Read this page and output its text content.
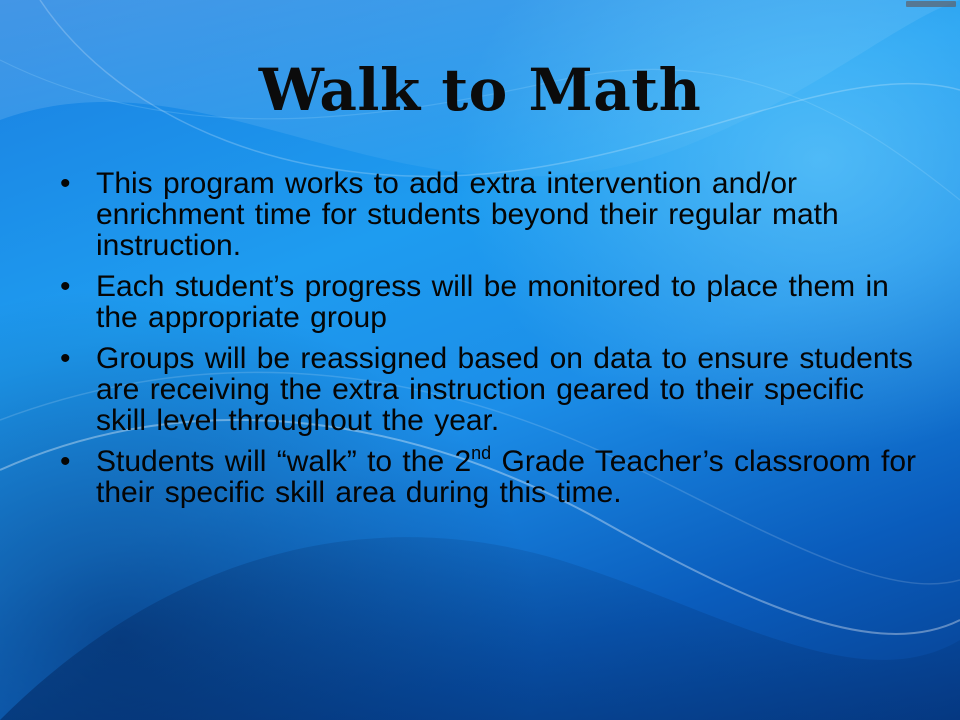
Walk to Math
• This program works to add extra intervention and/or enrichment time for students beyond their regular math instruction.
• Each student’s progress will be monitored to place them in the appropriate group
• Groups will be reassigned based on data to ensure students are receiving the extra instruction geared to their specific skill level throughout the year.
• Students will “walk” to the 2nd Grade Teacher’s classroom for their specific skill area during this time.
